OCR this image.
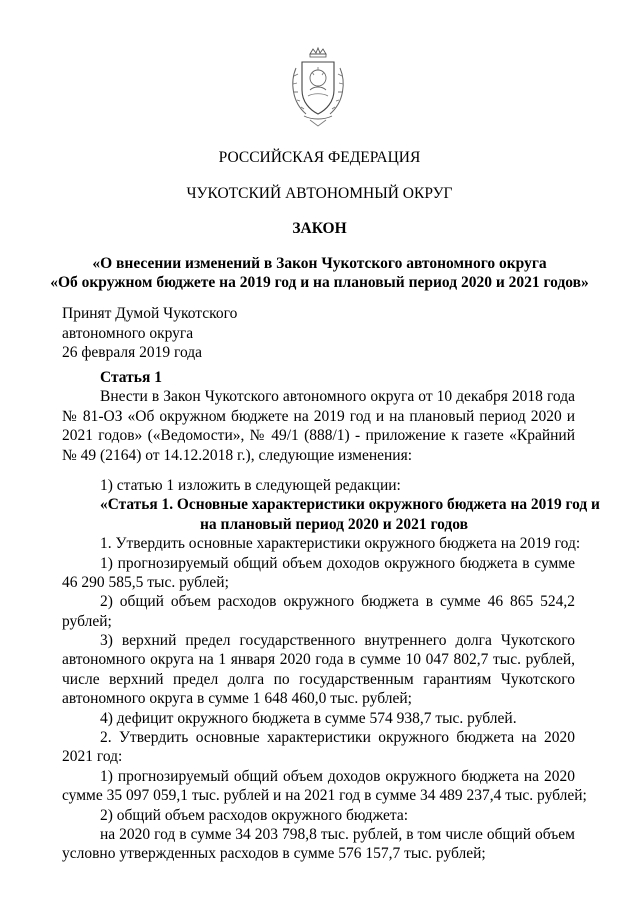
РОССИЙСКАЯ ФЕДЕРАЦИЯ
ЧУКОТСКИЙ АВТОНОМНЫЙ ОКРУГ
ЗАКОН
«О внесении изменений в Закон Чукотского автономного округа
«Об окружном бюджете на 2019 год и на плановый период 2020 и 2021 годов»
Принят Думой Чукотского
автономного округа
26 февраля 2019 года
Статья 1
Внести в Закон Чукотского автономного округа от 10 декабря 2018 года
№ 81-ОЗ «Об окружном бюджете на 2019 год и на плановый период 2020 и
2021 годов» («Ведомости», № 49/1 (888/1) - приложение к газете «Крайний
№ 49 (2164) от 14.12.2018 г.), следующие изменения:
1) статью 1 изложить в следующей редакции:
«Статья 1. Основные характеристики окружного бюджета на 2019 год и
на плановый период 2020 и 2021 годов
1. Утвердить основные характеристики окружного бюджета на 2019 год:
1) прогнозируемый общий объем доходов окружного бюджета в сумме
46 290 585,5 тыс. рублей;
2) общий объем расходов окружного бюджета в сумме 46 865 524,2
рублей;
3) верхний предел государственного внутреннего долга Чукотского
автономного округа на 1 января 2020 года в сумме 10 047 802,7 тыс. рублей,
числе верхний предел долга по государственным гарантиям Чукотского
автономного округа в сумме 1 648 460,0 тыс. рублей;
4) дефицит окружного бюджета в сумме 574 938,7 тыс. рублей.
2. Утвердить основные характеристики окружного бюджета на 2020
2021 год:
1) прогнозируемый общий объем доходов окружного бюджета на 2020
сумме 35 097 059,1 тыс. рублей и на 2021 год в сумме 34 489 237,4 тыс. рублей;
2) общий объем расходов окружного бюджета:
на 2020 год в сумме 34 203 798,8 тыс. рублей, в том числе общий объем
условно утвержденных расходов в сумме 576 157,7 тыс. рублей;
